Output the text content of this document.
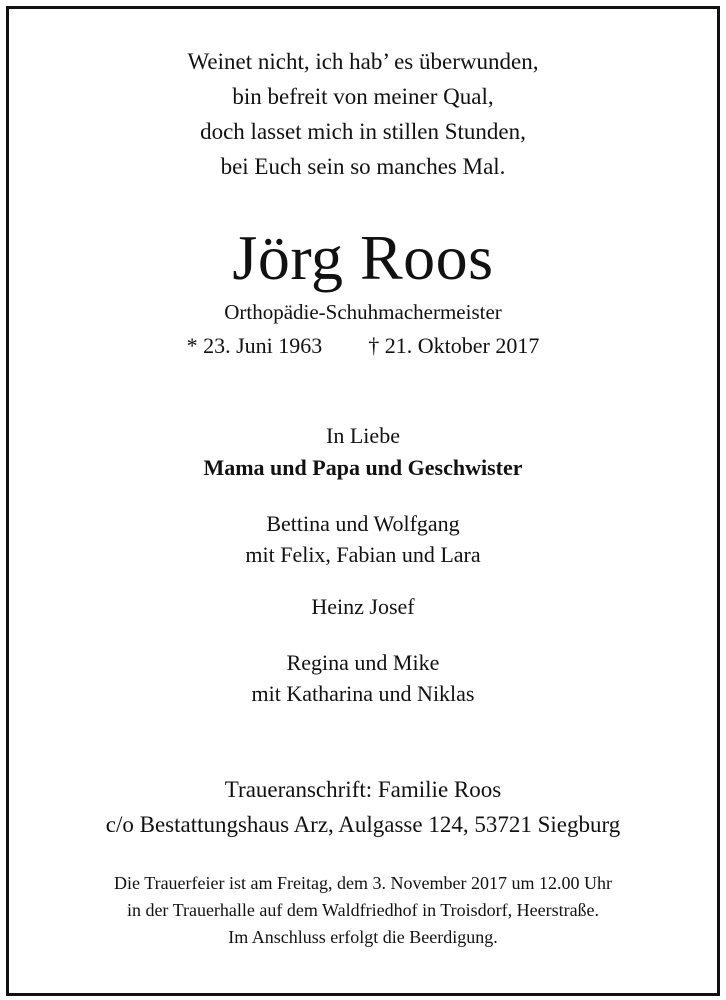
Weinet nicht, ich hab’ es überwunden,
bin befreit von meiner Qual,
doch lasset mich in stillen Stunden,
bei Euch sein so manches Mal.
Jörg Roos
Orthopädie-Schuhmachermeister
* 23. Juni 1963 † 21. Oktober 2017
In Liebe
Mama und Papa und Geschwister
Bettina und Wolfgang
mit Felix, Fabian und Lara
Heinz Josef
Regina und Mike
mit Katharina und Niklas
Traueranschrift: Familie Roos
c/o Bestattungshaus Arz, Aulgasse 124, 53721 Siegburg
Die Trauerfeier ist am Freitag, dem 3. November 2017 um 12.00 Uhr
in der Trauerhalle auf dem Waldfriedhof in Troisdorf, Heerstraße.
Im Anschluss erfolgt die Beerdigung.
